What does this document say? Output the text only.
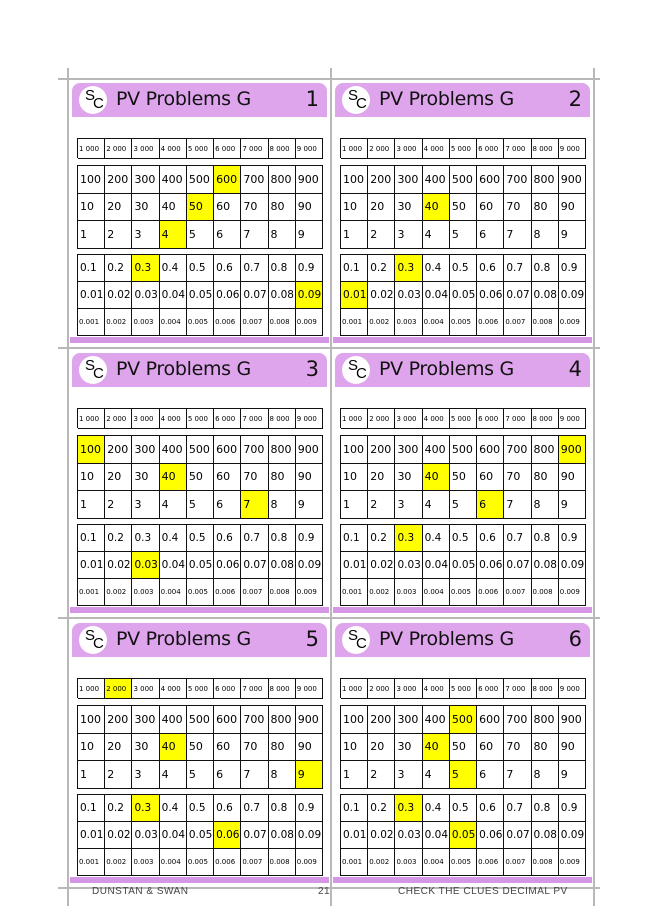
S
C PV Problems G	1
1 000	2 000	3 000	4 000	5 000	6 000	7 000	8 000	9 000
100 200 300 400 500 600 700 800 900
10	20	30	40	50	60	70	80	90
1	2	3	4	5	6	7	8	9
0.1	0.2	0.3	0.4	0.5	0.6	0.7	0.8	0.9
0.01 0.02 0.03 0.04 0.05 0.06 0.07 0.08 0.09
0.001	0.002	0.003	0.004	0.005	0.006	0.007	0.008	0.009
S
C PV Problems G	2
1 000	2 000	3 000	4 000	5 000	6 000	7 000	8 000	9 000
100 200 300 400 500 600 700 800 900
10	20	30	40	50	60	70	80	90
1	2	3	4	5	6	7	8	9
0.1	0.2	0.3	0.4	0.5	0.6	0.7	0.8	0.9
0.01 0.02 0.03 0.04 0.05 0.06 0.07 0.08 0.09
0.001	0.002	0.003	0.004	0.005	0.006	0.007	0.008	0.009
S
C PV Problems G	3
1 000	2 000	3 000	4 000	5 000	6 000	7 000	8 000	9 000
100 200 300 400 500 600 700 800 900
10	20	30	40	50	60	70	80	90
1	2	3	4	5	6	7	8	9
0.1	0.2	0.3	0.4	0.5	0.6	0.7	0.8	0.9
0.01 0.02 0.03 0.04 0.05 0.06 0.07 0.08 0.09
0.001	0.002	0.003	0.004	0.005	0.006	0.007	0.008	0.009
S
C PV Problems G	4
1 000	2 000	3 000	4 000	5 000	6 000	7 000	8 000	9 000
100 200 300 400 500 600 700 800 900
10	20	30	40	50	60	70	80	90
1	2	3	4	5	6	7	8	9
0.1	0.2	0.3	0.4	0.5	0.6	0.7	0.8	0.9
0.01 0.02 0.03 0.04 0.05 0.06 0.07 0.08 0.09
0.001	0.002	0.003	0.004	0.005	0.006	0.007	0.008	0.009
S
C PV Problems G	5
1 000	2 000	3 000	4 000	5 000	6 000	7 000	8 000	9 000
100 200 300 400 500 600 700 800 900
10	20	30	40	50	60	70	80	90
1	2	3	4	5	6	7	8	9
0.1	0.2	0.3	0.4	0.5	0.6	0.7	0.8	0.9
0.01 0.02 0.03 0.04 0.05 0.06 0.07 0.08 0.09
0.001	0.002	0.003	0.004	0.005	0.006	0.007	0.008	0.009
S
C PV Problems G	6
1 000	2 000	3 000	4 000	5 000	6 000	7 000	8 000	9 000
100 200 300 400 500 600 700 800 900
10	20	30	40	50	60	70	80	90
1	2	3	4	5	6	7	8	9
0.1	0.2	0.3	0.4	0.5	0.6	0.7	0.8	0.9
0.01 0.02 0.03 0.04 0.05 0.06 0.07 0.08 0.09
0.001	0.002	0.003	0.004	0.005	0.006	0.007	0.008	0.009
DUNSTAN & SWAN	21	CHECK THE CLUES DECIMAL PV
